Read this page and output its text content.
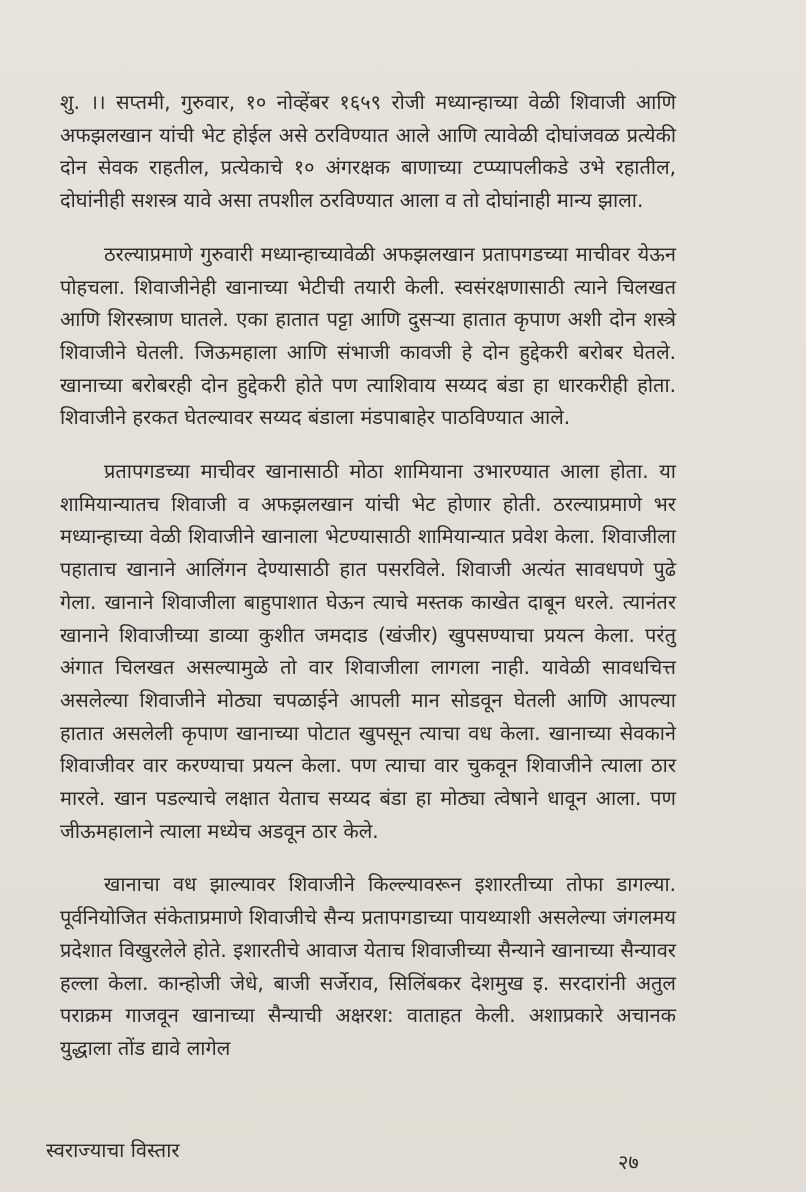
शु. ।। सप्तमी, गुरुवार, १० नोव्हेंबर १६५९ रोजी मध्यान्हाच्या वेळी शिवाजी आणि अफझलखान यांची भेट होईल असे ठरविण्यात आले आणि त्यावेळी दोघांजवळ प्रत्येकी दोन सेवक राहतील, प्रत्येकाचे १० अंगरक्षक बाणाच्या टप्प्यापलीकडे उभे रहातील, दोघांनीही सशस्त्र यावे असा तपशील ठरविण्यात आला व तो दोघांनाही मान्य झाला.

ठरल्याप्रमाणे गुरुवारी मध्यान्हाच्यावेळी अफझलखान प्रतापगडच्या माचीवर येऊन पोहचला. शिवाजीनेही खानाच्या भेटीची तयारी केली. स्वसंरक्षणासाठी त्याने चिलखत आणि शिरस्त्राण घातले. एका हातात पट्टा आणि दुसऱ्या हातात कृपाण अशी दोन शस्त्रे शिवाजीने घेतली. जिऊमहाला आणि संभाजी कावजी हे दोन हुद्देकरी बरोबर घेतले. खानाच्या बरोबरही दोन हुद्देकरी होते पण त्याशिवाय सय्यद बंडा हा धारकरीही होता. शिवाजीने हरकत घेतल्यावर सय्यद बंडाला मंडपाबाहेर पाठविण्यात आले.

प्रतापगडच्या माचीवर खानासाठी मोठा शामियाना उभारण्यात आला होता. या शामियान्यातच शिवाजी व अफझलखान यांची भेट होणार होती. ठरल्याप्रमाणे भर मध्यान्हाच्या वेळी शिवाजीने खानाला भेटण्यासाठी शामियान्यात प्रवेश केला. शिवाजीला पहाताच खानाने आलिंगन देण्यासाठी हात पसरविले. शिवाजी अत्यंत सावधपणे पुढे गेला. खानाने शिवाजीला बाहुपाशात घेऊन त्याचे मस्तक काखेत दाबून धरले. त्यानंतर खानाने शिवाजीच्या डाव्या कुशीत जमदाड (खंजीर) खुपसण्याचा प्रयत्न केला. परंतु अंगात चिलखत असल्यामुळे तो वार शिवाजीला लागला नाही. यावेळी सावधचित्त असलेल्या शिवाजीने मोठ्या चपळाईने आपली मान सोडवून घेतली आणि आपल्या हातात असलेली कृपाण खानाच्या पोटात खुपसून त्याचा वध केला. खानाच्या सेवकाने शिवाजीवर वार करण्याचा प्रयत्न केला. पण त्याचा वार चुकवून शिवाजीने त्याला ठार मारले. खान पडल्याचे लक्षात येताच सय्यद बंडा हा मोठ्या त्वेषाने धावून आला. पण जीऊमहालाने त्याला मध्येच अडवून ठार केले.

खानाचा वध झाल्यावर शिवाजीने किल्ल्यावरून इशारतीच्या तोफा डागल्या. पूर्वनियोजित संकेताप्रमाणे शिवाजीचे सैन्य प्रतापगडाच्या पायथ्याशी असलेल्या जंगलमय प्रदेशात विखुरलेले होते. इशारतीचे आवाज येताच शिवाजीच्या सैन्याने खानाच्या सैन्यावर हल्ला केला. कान्होजी जेधे, बाजी सर्जेराव, सिलिंबकर देशमुख इ. सरदारांनी अतुल पराक्रम गाजवून खानाच्या सैन्याची अक्षरश: वाताहत केली. अशाप्रकारे अचानक युद्धाला तोंड द्यावे लागेल

स्वराज्याचा विस्तार	२७
